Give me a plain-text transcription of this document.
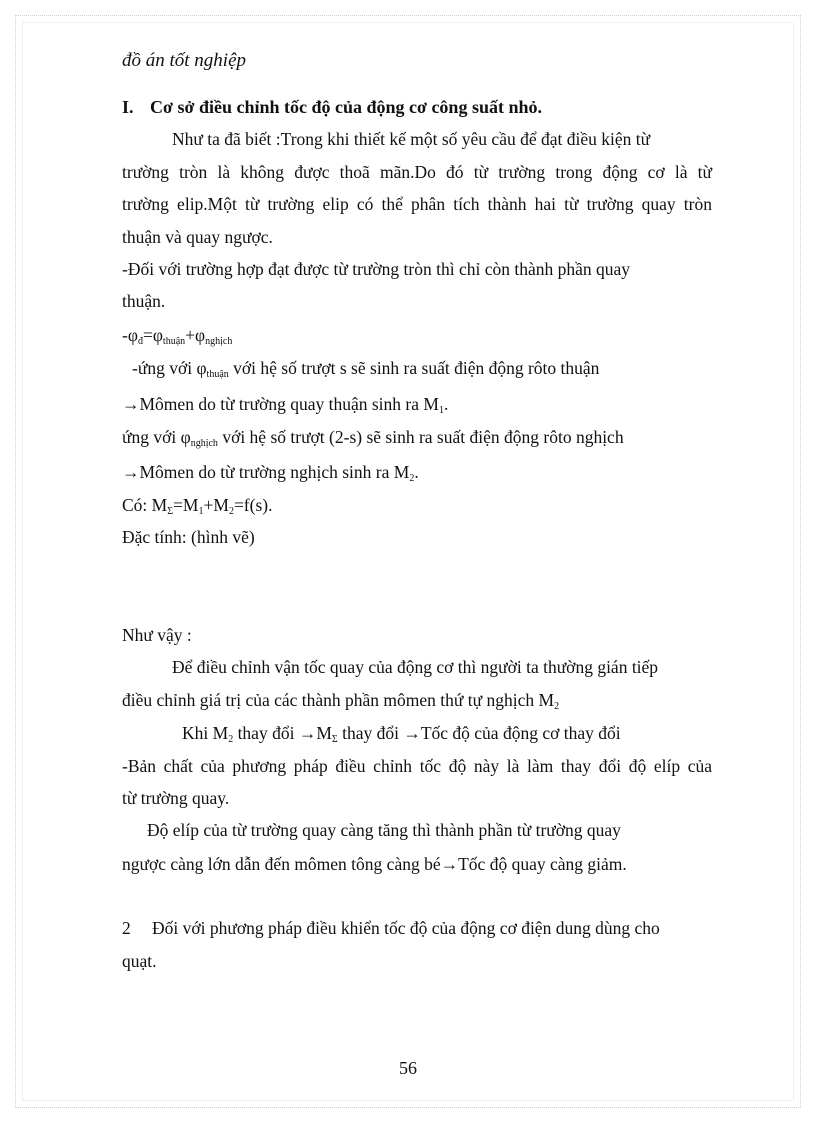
đồ án tốt nghiệp
I. Cơ sở điều chỉnh tốc độ của động cơ công suất nhỏ.
Như ta đã biết :Trong khi thiết kế một số yêu cầu để đạt điều kiện từ
trường tròn là không được thoã mãn.Do đó từ trường trong động cơ là từ
trường elip.Một từ trường elip có thể phân tích thành hai từ trường quay tròn
thuận và quay ngược.
-Đối với trường hợp đạt được từ trường tròn thì chỉ còn thành phần quay
thuận.
$-\varphi_đ=\varphi_{thuận}+\varphi_{nghịch}$
-ứng với $\varphi_{thuận}$ với hệ số trượt s sẽ sinh ra suất điện động rôto thuận
→Mômen do từ trường quay thuận sinh ra $M_1$.
ứng với $\varphi_{nghịch}$ với hệ số trượt (2-s) sẽ sinh ra suất điện động rôto nghịch
→Mômen do từ trường nghịch sinh ra $M_2$.
Có: $M_\Sigma=M_1+M_2=f(s)$.
Đặc tính: (hình vẽ)
Như vậy :
Để điều chỉnh vận tốc quay của động cơ thì người ta thường gián tiếp
điều chỉnh giá trị của các thành phần mômen thứ tự nghịch $M_2$
Khi $M_2$ thay đổi $\to M_\Sigma$ thay đổi →Tốc độ của động cơ thay đổi
-Bản chất của phương pháp điều chỉnh tốc độ này là làm thay đổi độ elíp của
từ trường quay.
Độ elíp của từ trường quay càng tăng thì thành phần từ trường quay
ngược càng lớn dẫn đến mômen tông càng bé→Tốc độ quay càng giảm.
2 Đối với phương pháp điều khiển tốc độ của động cơ điện dung dùng cho
quạt.
56
